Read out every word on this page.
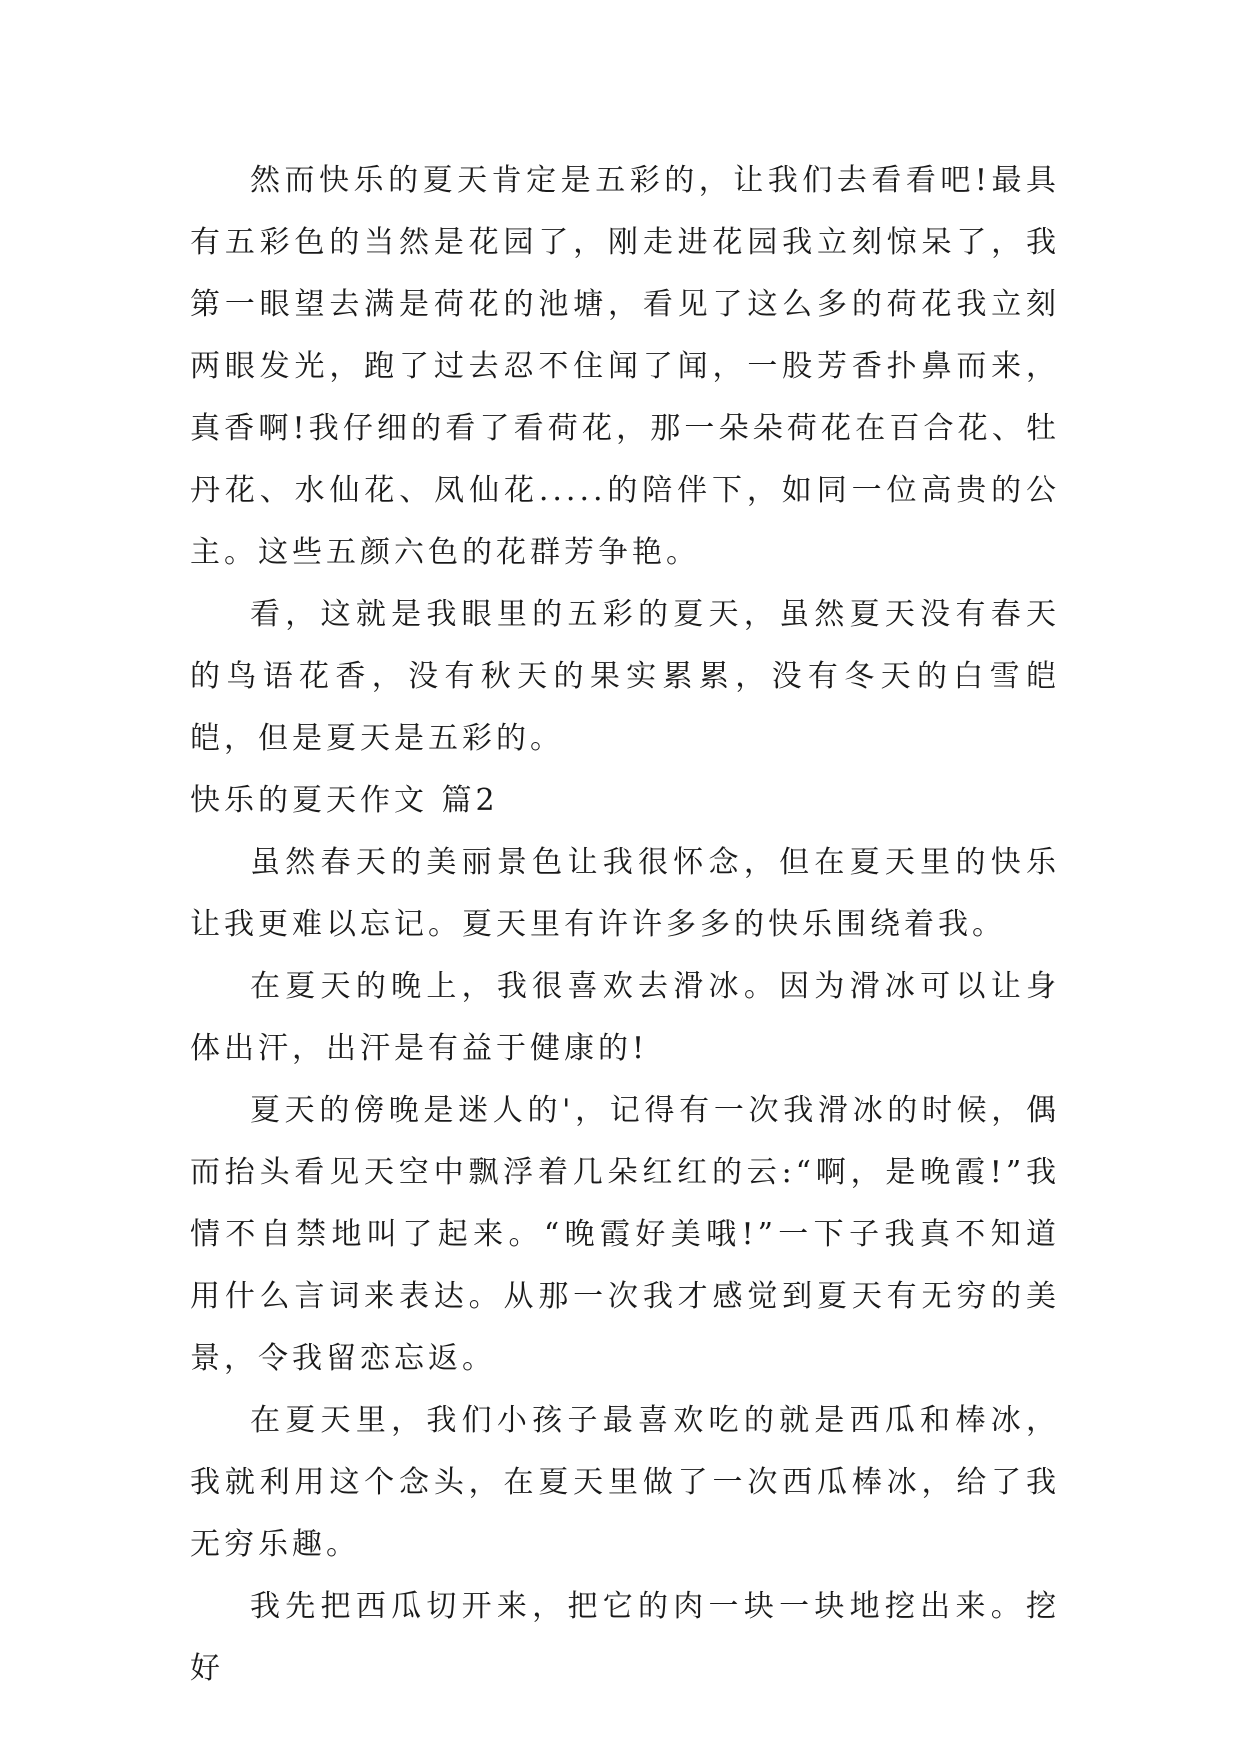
然而快乐的夏天肯定是五彩的，让我们去看看吧!最具有五彩色的当然是花园了，刚走进花园我立刻惊呆了，我第一眼望去满是荷花的池塘，看见了这么多的荷花我立刻两眼发光，跑了过去忍不住闻了闻，一股芳香扑鼻而来，真香啊!我仔细的看了看荷花，那一朵朵荷花在百合花、牡丹花、水仙花、凤仙花.....的陪伴下，如同一位高贵的公主。这些五颜六色的花群芳争艳。

看，这就是我眼里的五彩的夏天，虽然夏天没有春天的鸟语花香，没有秋天的果实累累，没有冬天的白雪皑皑，但是夏天是五彩的。

快乐的夏天作文 篇2

虽然春天的美丽景色让我很怀念，但在夏天里的快乐让我更难以忘记。夏天里有许许多多的快乐围绕着我。

在夏天的晚上，我很喜欢去滑冰。因为滑冰可以让身体出汗，出汗是有益于健康的!

夏天的傍晚是迷人的'，记得有一次我滑冰的时候，偶而抬头看见天空中飘浮着几朵红红的云:“啊，是晚霞!”我情不自禁地叫了起来。“晚霞好美哦!”一下子我真不知道用什么言词来表达。从那一次我才感觉到夏天有无穷的美景，令我留恋忘返。

在夏天里，我们小孩子最喜欢吃的就是西瓜和棒冰，我就利用这个念头，在夏天里做了一次西瓜棒冰，给了我无穷乐趣。

我先把西瓜切开来，把它的肉一块一块地挖出来。挖好
